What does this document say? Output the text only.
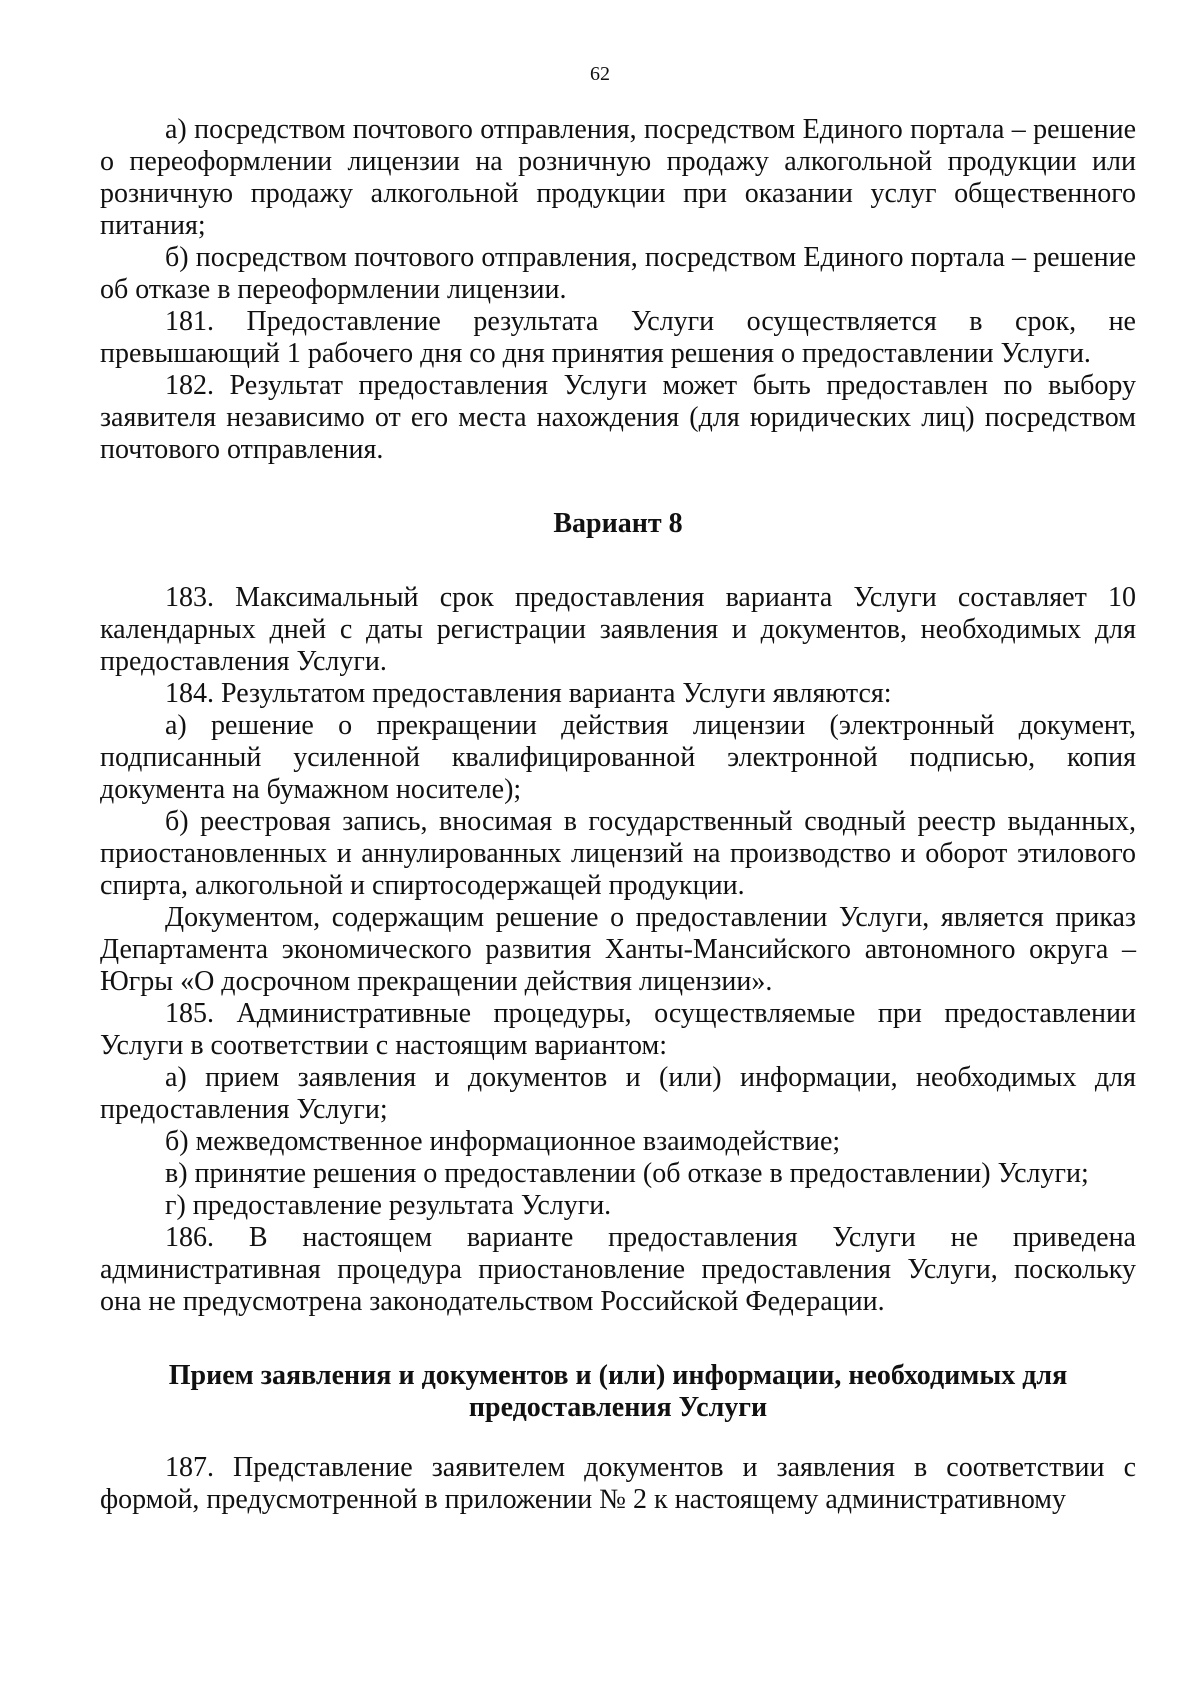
62

а) посредством почтового отправления, посредством Единого портала – решение о переоформлении лицензии на розничную продажу алкогольной продукции или розничную продажу алкогольной продукции при оказании услуг общественного питания;

б) посредством почтового отправления, посредством Единого портала – решение об отказе в переоформлении лицензии.

181. Предоставление результата Услуги осуществляется в срок, не превышающий 1 рабочего дня со дня принятия решения о предоставлении Услуги.

182. Результат предоставления Услуги может быть предоставлен по выбору заявителя независимо от его места нахождения (для юридических лиц) посредством почтового отправления.

Вариант 8

183. Максимальный срок предоставления варианта Услуги составляет 10 календарных дней с даты регистрации заявления и документов, необходимых для предоставления Услуги.

184. Результатом предоставления варианта Услуги являются:

а) решение о прекращении действия лицензии (электронный документ, подписанный усиленной квалифицированной электронной подписью, копия документа на бумажном носителе);

б) реестровая запись, вносимая в государственный сводный реестр выданных, приостановленных и аннулированных лицензий на производство и оборот этилового спирта, алкогольной и спиртосодержащей продукции.

Документом, содержащим решение о предоставлении Услуги, является приказ Департамента экономического развития Ханты-Мансийского автономного округа – Югры «О досрочном прекращении действия лицензии».

185. Административные процедуры, осуществляемые при предоставлении Услуги в соответствии с настоящим вариантом:

а) прием заявления и документов и (или) информации, необходимых для предоставления Услуги;

б) межведомственное информационное взаимодействие;

в) принятие решения о предоставлении (об отказе в предоставлении) Услуги;

г) предоставление результата Услуги.

186. В настоящем варианте предоставления Услуги не приведена административная процедура приостановление предоставления Услуги, поскольку она не предусмотрена законодательством Российской Федерации.

Прием заявления и документов и (или) информации, необходимых для предоставления Услуги

187. Представление заявителем документов и заявления в соответствии с формой, предусмотренной в приложении № 2 к настоящему административному
